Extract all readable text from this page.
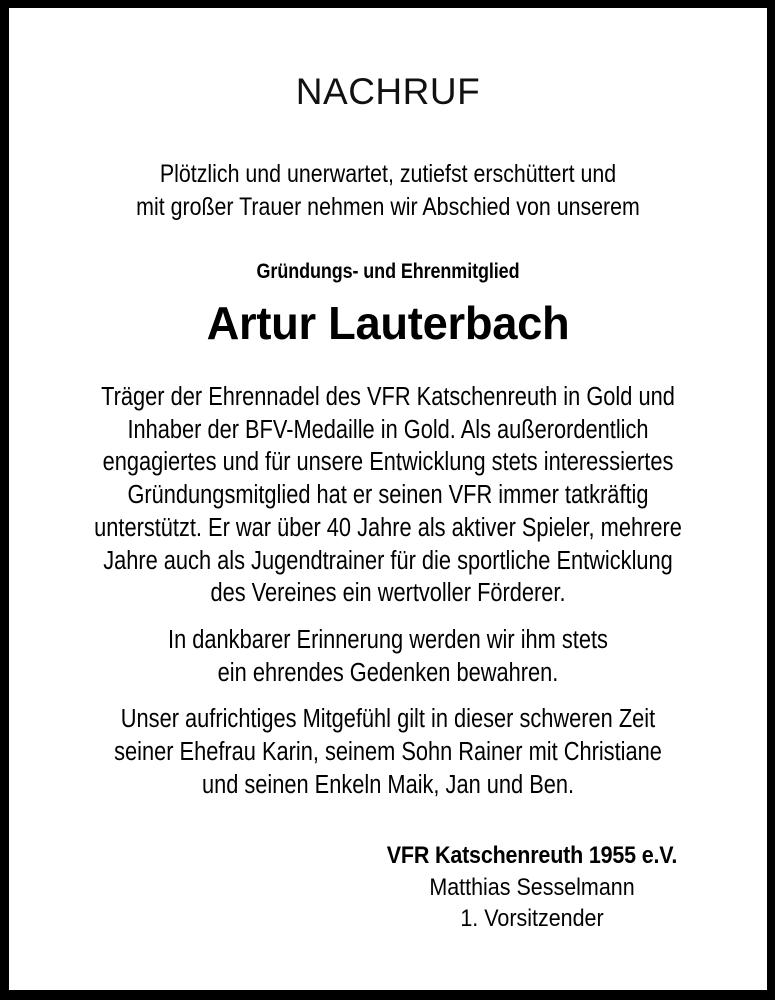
NACHRUF
Plötzlich und unerwartet, zutiefst erschüttert und
mit großer Trauer nehmen wir Abschied von unserem
Gründungs- und Ehrenmitglied
Artur Lauterbach
Träger der Ehrennadel des VFR Katschenreuth in Gold und
Inhaber der BFV-Medaille in Gold. Als außerordentlich
engagiertes und für unsere Entwicklung stets interessiertes
Gründungsmitglied hat er seinen VFR immer tatkräftig
unterstützt. Er war über 40 Jahre als aktiver Spieler, mehrere
Jahre auch als Jugendtrainer für die sportliche Entwicklung
des Vereines ein wertvoller Förderer.
In dankbarer Erinnerung werden wir ihm stets
ein ehrendes Gedenken bewahren.
Unser aufrichtiges Mitgefühl gilt in dieser schweren Zeit
seiner Ehefrau Karin, seinem Sohn Rainer mit Christiane
und seinen Enkeln Maik, Jan und Ben.
VFR Katschenreuth 1955 e.V.
Matthias Sesselmann
1. Vorsitzender
